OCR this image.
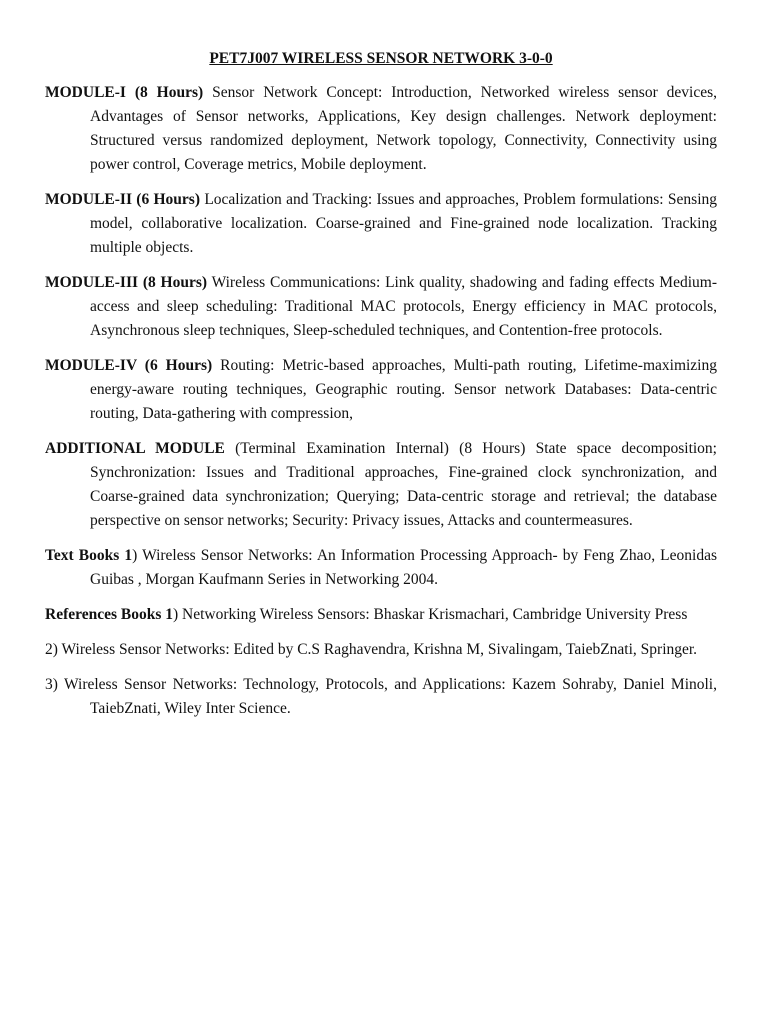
PET7J007 WIRELESS SENSOR NETWORK 3-0-0

MODULE-I (8 Hours) Sensor Network Concept: Introduction, Networked wireless sensor devices, Advantages of Sensor networks, Applications, Key design challenges. Network deployment: Structured versus randomized deployment, Network topology, Connectivity, Connectivity using power control, Coverage metrics, Mobile deployment.

MODULE-II (6 Hours) Localization and Tracking: Issues and approaches, Problem formulations: Sensing model, collaborative localization. Coarse-grained and Fine-grained node localization. Tracking multiple objects.

MODULE-III (8 Hours) Wireless Communications: Link quality, shadowing and fading effects Medium-access and sleep scheduling: Traditional MAC protocols, Energy efficiency in MAC protocols, Asynchronous sleep techniques, Sleep-scheduled techniques, and Contention-free protocols.

MODULE-IV (6 Hours) Routing: Metric-based approaches, Multi-path routing, Lifetime-maximizing energy-aware routing techniques, Geographic routing. Sensor network Databases: Data-centric routing, Data-gathering with compression,

ADDITIONAL MODULE (Terminal Examination Internal) (8 Hours) State space decomposition; Synchronization: Issues and Traditional approaches, Fine-grained clock synchronization, and Coarse-grained data synchronization; Querying; Data-centric storage and retrieval; the database perspective on sensor networks; Security: Privacy issues, Attacks and countermeasures.

Text Books 1) Wireless Sensor Networks: An Information Processing Approach- by Feng Zhao, Leonidas Guibas , Morgan Kaufmann Series in Networking 2004.

References Books 1) Networking Wireless Sensors: Bhaskar Krismachari, Cambridge University Press

2) Wireless Sensor Networks: Edited by C.S Raghavendra, Krishna M, Sivalingam, TaiebZnati, Springer.

3) Wireless Sensor Networks: Technology, Protocols, and Applications: Kazem Sohraby, Daniel Minoli, TaiebZnati, Wiley Inter Science.
